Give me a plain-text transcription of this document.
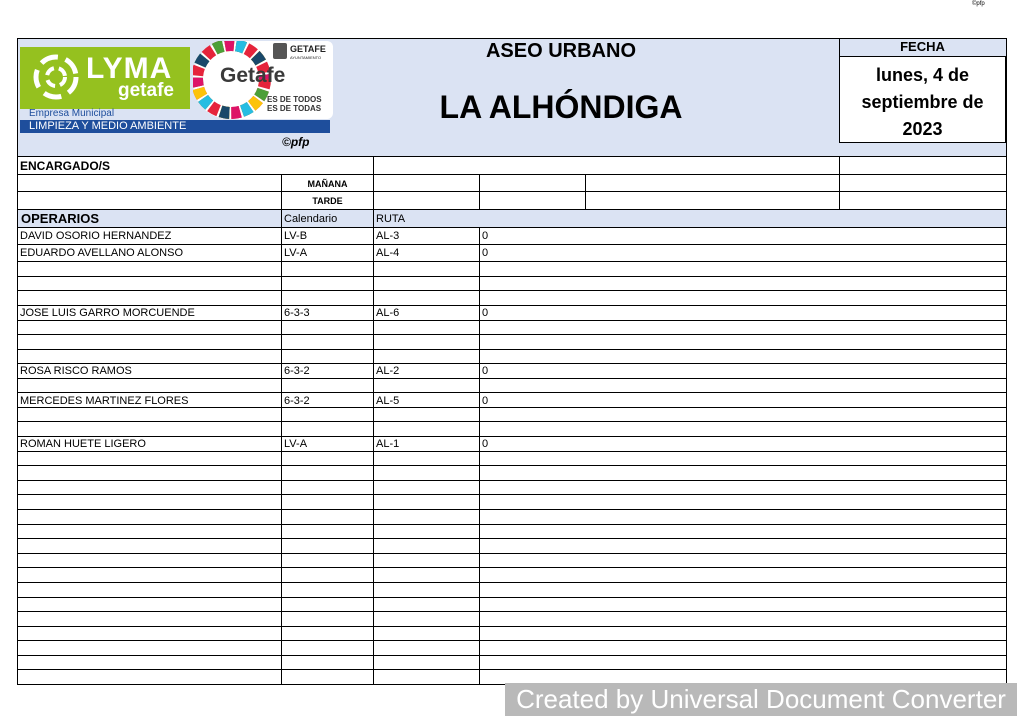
©pfp
LYMA
getafe
Empresa Municipal
LIMPIEZA Y MEDIO AMBIENTE
Getafe
GETAFE
AYUNTAMIENTO
ES DE TODOS
ES DE TODAS
©pfp
ASEO URBANO
LA ALHÓNDIGA
FECHA
lunes, 4 de
septiembre de
2023
ENCARGADO/S
MAÑANA
TARDE
OPERARIOS	Calendario	RUTA
DAVID OSORIO HERNANDEZ	LV-B	AL-3	0
EDUARDO AVELLANO ALONSO	LV-A	AL-4	0
JOSE LUIS GARRO MORCUENDE	6-3-3	AL-6	0
ROSA RISCO RAMOS	6-3-2	AL-2	0
MERCEDES MARTINEZ FLORES	6-3-2	AL-5	0
ROMAN HUETE LIGERO	LV-A	AL-1	0
Created by Universal Document Converter
